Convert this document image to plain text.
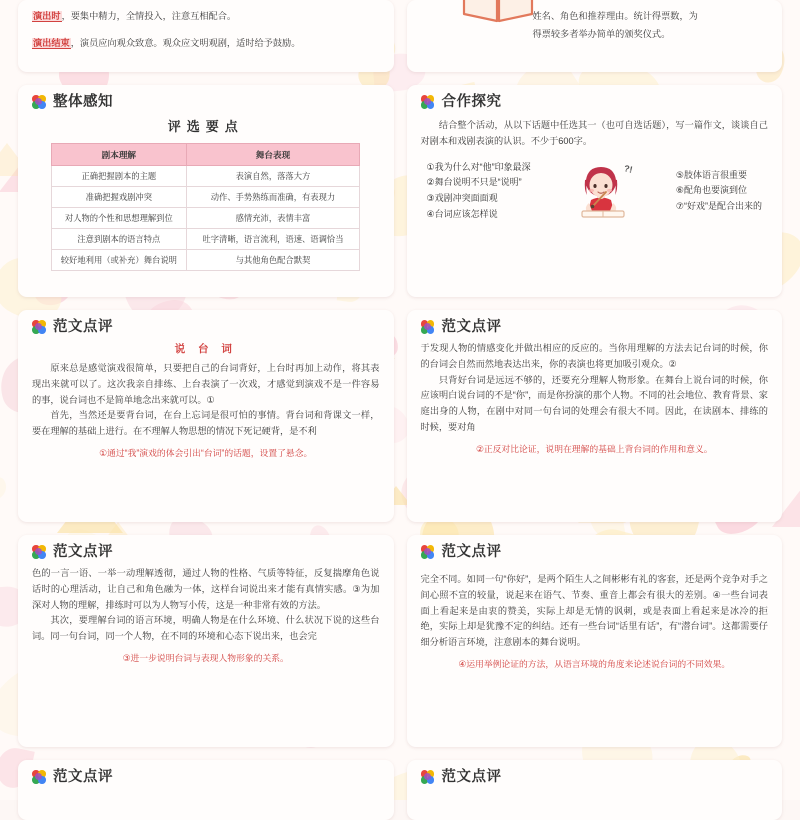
演出时，要集中精力，全情投入，注意互相配合。
演出结束，演员应向观众致意。观众应文明观剧，适时给予鼓励。
姓名、角色和推荐理由。统计得票数，为
得票较多者举办简单的颁奖仪式。
整体感知
评选要点
剧本理解	舞台表现
正确把握剧本的主题	表演自然，落落大方
准确把握戏剧冲突	动作、手势熟练而准确，有表现力
对人物的个性和思想理解到位	感情充沛，表情丰富
注意到剧本的语言特点	吐字清晰，语言流利，语速、语调恰当
较好地利用（或补充）舞台说明	与其他角色配合默契
合作探究
结合整个活动，从以下话题中任选其一（也可自选话题），写一篇作文，谈谈自己对剧本和戏剧表演的认识。不少于600字。
①我为什么对“他”印象最深
②舞台说明不只是“说明”
③戏剧冲突面面观
④台词应该怎样说
?!	⑤肢体语言很重要
⑥配角也要演到位
⑦“好戏”是配合出来的
范文点评
说 台 词
原来总是感觉演戏很简单，只要把自己的台词背好，上台时再加上动作，将其表现出来就可以了。这次我亲自排练、上台表演了一次戏，才感觉到演戏不是一件容易的事，说台词也不是简单地念出来就可以。①
首先，当然还是要背台词，在台上忘词是很可怕的事情。背台词和背课文一样，要在理解的基础上进行。在不理解人物思想的情况下死记硬背，是不利
①通过“我”演戏的体会引出“台词”的话题，设置了悬念。
范文点评
于发现人物的情感变化并做出相应的反应的。当你用理解的方法去记台词的时候，你的台词会自然而然地表达出来，你的表演也将更加吸引观众。②
只背好台词是远远不够的，还要充分理解人物形象。在舞台上说台词的时候，你应该明白说台词的不是“你”，而是你扮演的那个人物。不同的社会地位、教育背景、家庭出身的人物，在剧中对同一句台词的处理会有很大不同。因此，在读剧本、排练的时候，要对角
②正反对比论证，说明在理解的基础上背台词的作用和意义。
范文点评
色的一言一语、一举一动理解透彻，通过人物的性格、气质等特征，反复揣摩角色说话时的心理活动，让自己和角色融为一体，这样台词说出来才能有真情实感。③为加深对人物的理解，排练时可以为人物写小传，这是一种非常有效的方法。
其次，要理解台词的语言环境，明确人物是在什么环境、什么状况下说的这些台词。同一句台词，同一个人物，在不同的环境和心态下说出来，也会完
③进一步说明台词与表现人物形象的关系。
范文点评
完全不同。如同一句“你好”，是两个陌生人之间彬彬有礼的客套，还是两个竞争对手之间心照不宣的较量，说起来在语气、节奏、重音上都会有很大的差别。④一些台词表面上看起来是由衷的赞美，实际上却是无情的讽刺，或是表面上看起来是冰冷的拒绝，实际上却是犹豫不定的纠结。还有一些台词“话里有话”，有“潜台词”。这都需要仔细分析语言环境，注意剧本的舞台说明。
④运用举例论证的方法，从语言环境的角度来论述说台词的不同效果。
范文点评	范文点评
